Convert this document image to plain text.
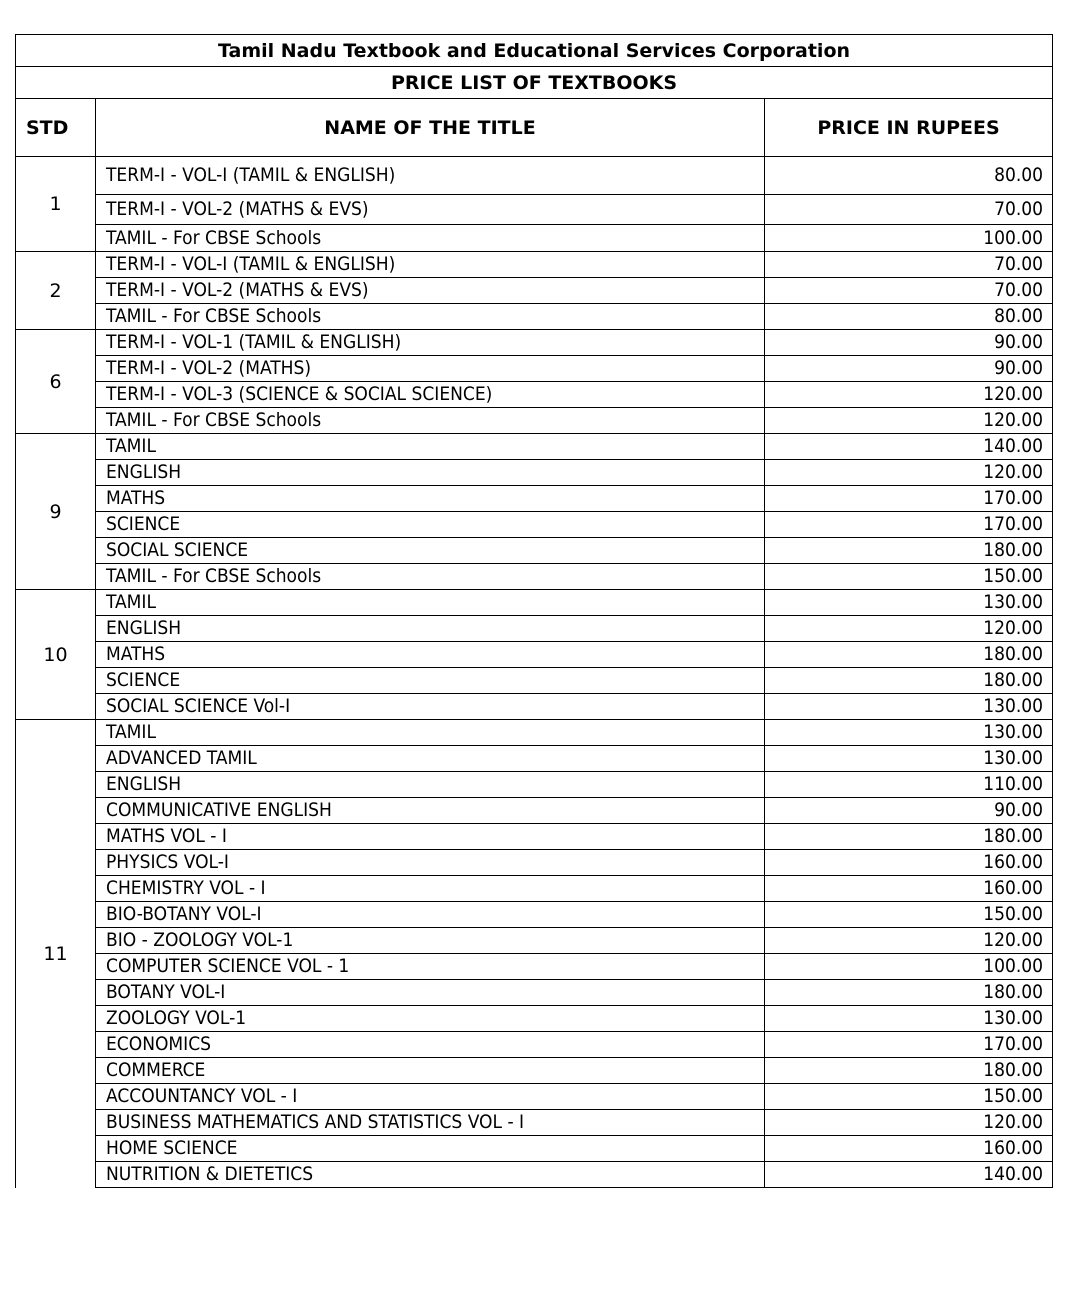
Tamil Nadu Textbook and Educational Services Corporation		
PRICE LIST OF TEXTBOOKS		
STD	NAME OF THE TITLE	PRICE IN RUPEES
1	TERM-I - VOL-I (TAMIL & ENGLISH)	80.00
	TERM-I - VOL-2 (MATHS & EVS)	70.00
	TAMIL - For CBSE Schools	100.00
2	TERM-I - VOL-I (TAMIL & ENGLISH)	70.00
	TERM-I - VOL-2 (MATHS & EVS)	70.00
	TAMIL - For CBSE Schools	80.00
6	TERM-I - VOL-1 (TAMIL & ENGLISH)	90.00
	TERM-I - VOL-2 (MATHS)	90.00
	TERM-I - VOL-3 (SCIENCE & SOCIAL SCIENCE)	120.00
	TAMIL - For CBSE Schools	120.00
9	TAMIL	140.00
	ENGLISH	120.00
	MATHS	170.00
	SCIENCE	170.00
	SOCIAL SCIENCE	180.00
	TAMIL - For CBSE Schools	150.00
10	TAMIL	130.00
	ENGLISH	120.00
	MATHS	180.00
	SCIENCE	180.00
	SOCIAL SCIENCE Vol-I	130.00
11	TAMIL	130.00
	ADVANCED TAMIL	130.00
	ENGLISH	110.00
	COMMUNICATIVE ENGLISH	90.00
	MATHS VOL - I	180.00
	PHYSICS VOL-I	160.00
	CHEMISTRY VOL - I	160.00
	BIO-BOTANY VOL-I	150.00
	BIO - ZOOLOGY VOL-1	120.00
	COMPUTER SCIENCE VOL - 1	100.00
	BOTANY VOL-I	180.00
	ZOOLOGY VOL-1	130.00
	ECONOMICS	170.00
	COMMERCE	180.00
	ACCOUNTANCY VOL - I	150.00
	BUSINESS MATHEMATICS AND STATISTICS VOL - I	120.00
	HOME SCIENCE	160.00
	NUTRITION & DIETETICS	140.00
